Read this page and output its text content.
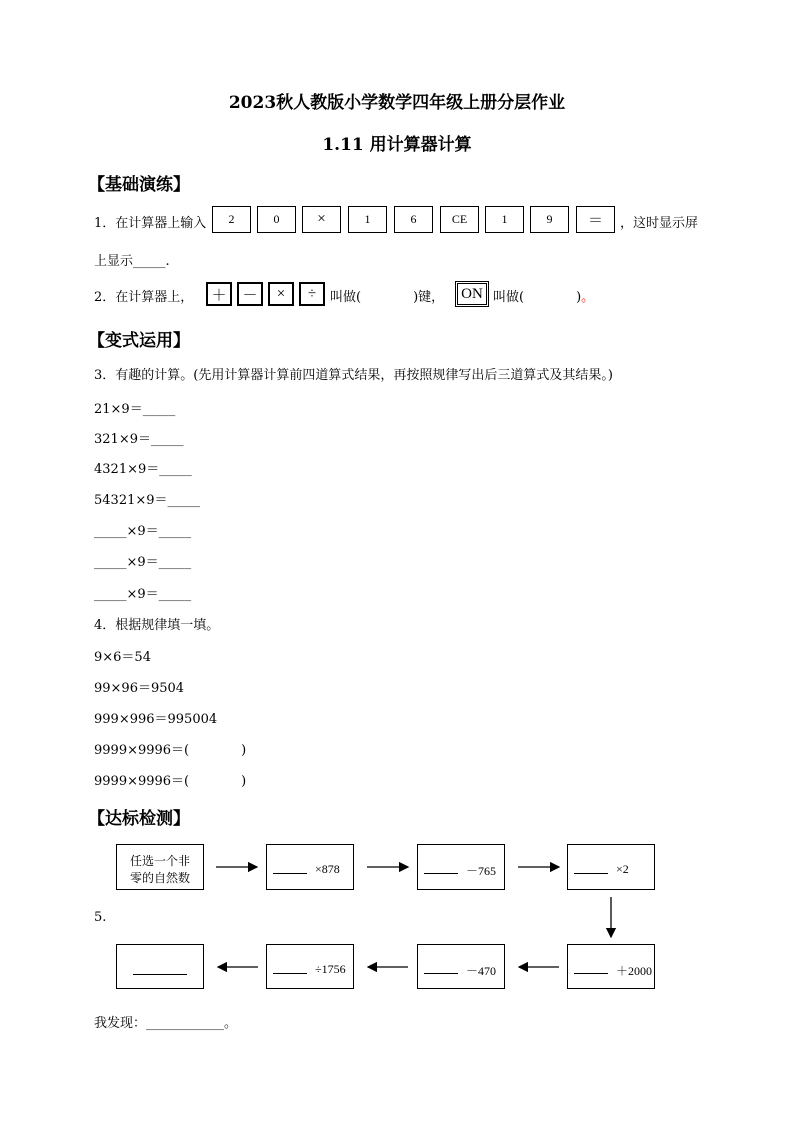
2023秋人教版小学数学四年级上册分层作业
1.11 用计算器计算
【基础演练】
1．在计算器上输入	2	0	×	1	6	CE	1	9	＝	，这时显示屏
上显示_____.
2．在计算器上，	＋	－	×	÷	叫做(　　　　)键，	ON 叫做(　　　　)。
【变式运用】
3．有趣的计算。(先用计算器计算前四道算式结果，再按照规律写出后三道算式及其结果。)
21×9＝_____
321×9＝_____
4321×9＝_____
54321×9＝_____
_____×9＝_____
_____×9＝_____
_____×9＝_____
4．根据规律填一填。
9×6＝54
99×96＝9504
999×996＝995004
9999×9996＝(　　　　)
9999×9996＝(　　　　)
【达标检测】
任选一个非
零的自然数
×878	－765	×2
5.
÷1756	－470	＋2000
我发现：____________。
